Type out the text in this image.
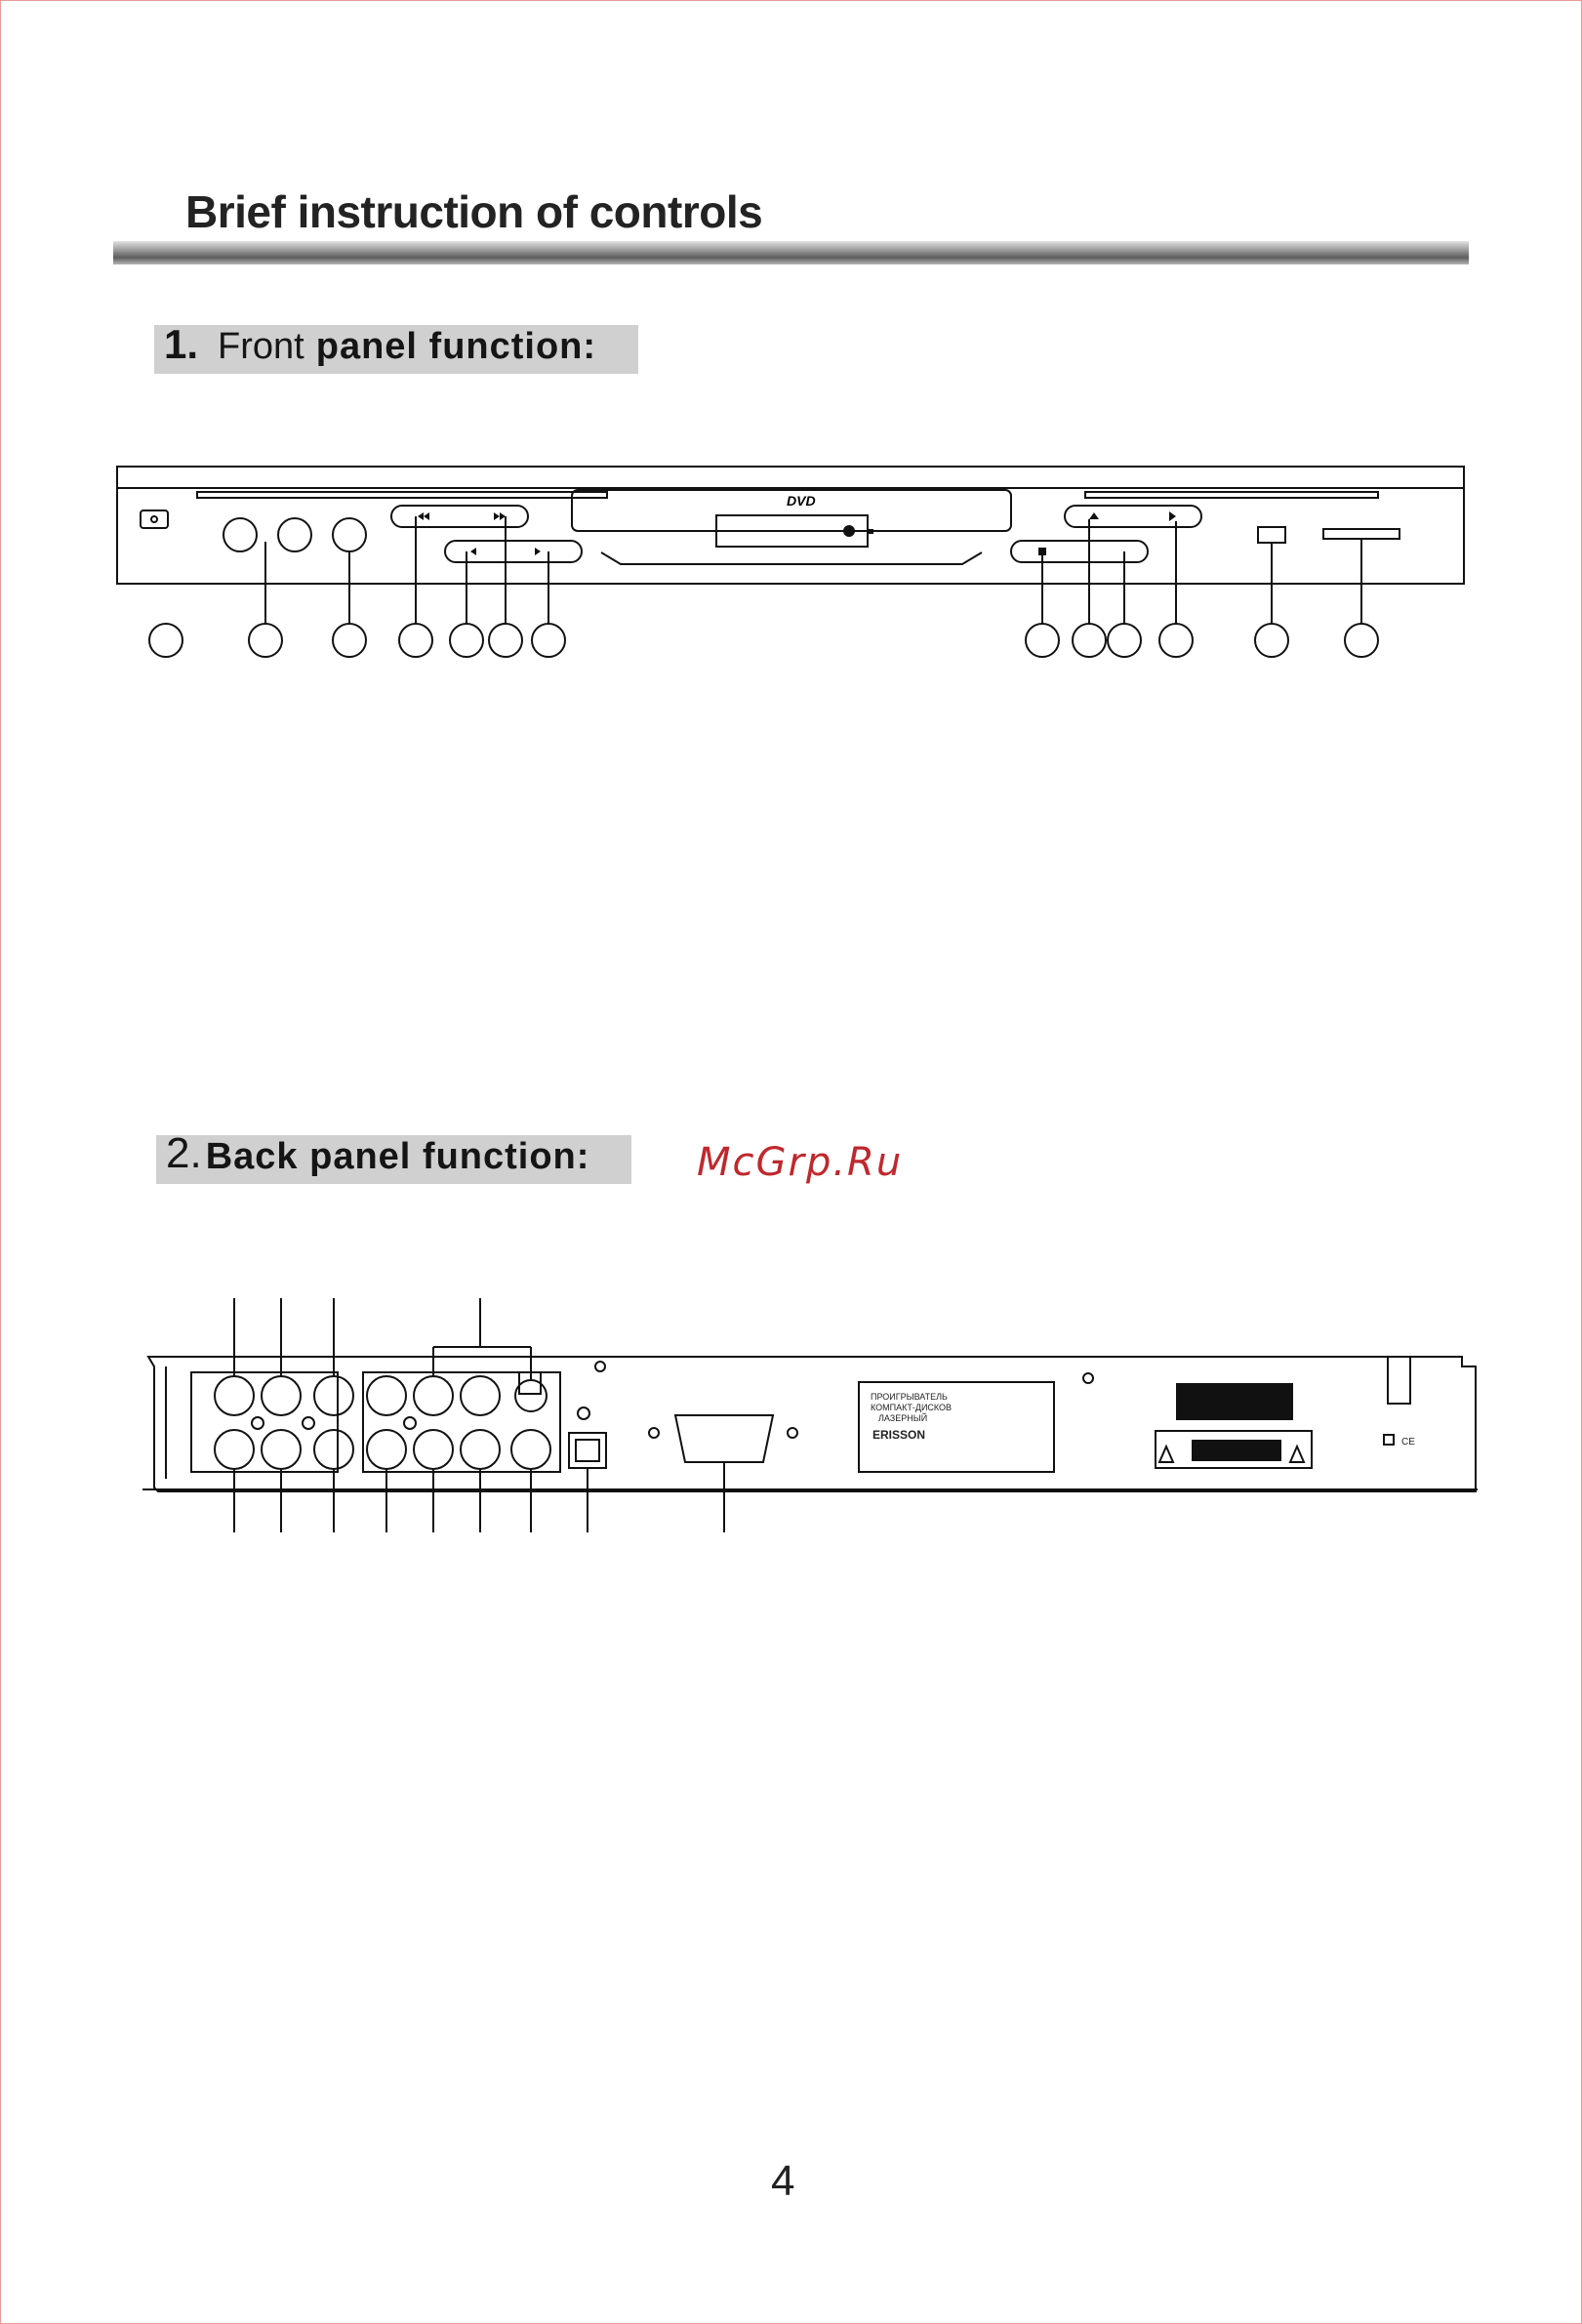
Brief instruction of controls
1. Front panel function:
DVD
2. Back panel function:	McGrp.Ru
ПРОИГРЫВАТЕЛЬ
КОМПАКТ-ДИСКОВ
ЛАЗЕРНЫЙ
ERISSON
CE
4
